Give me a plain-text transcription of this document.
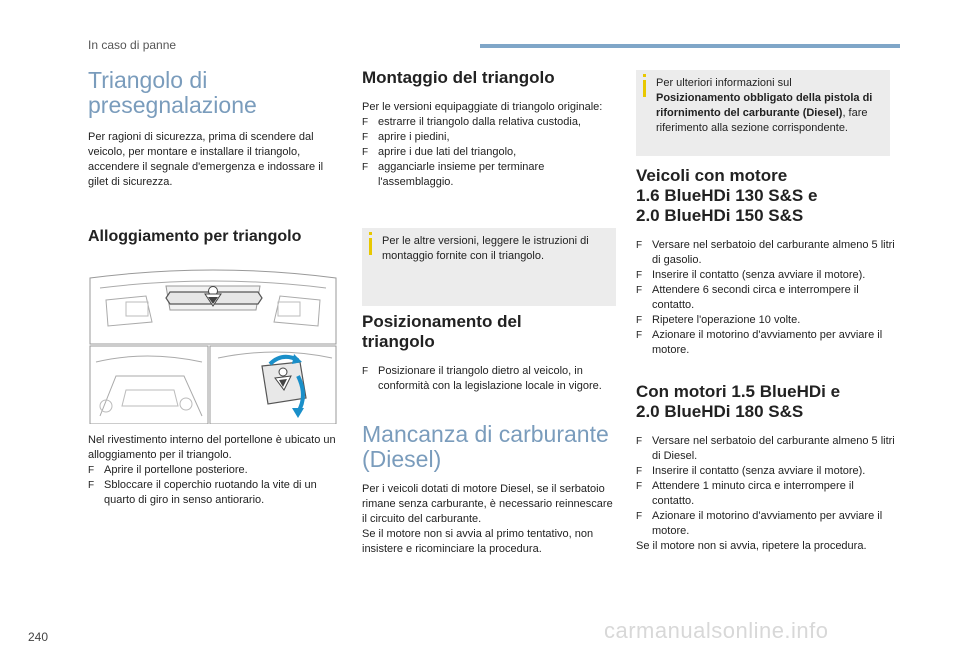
In caso di panne
Triangolo di
presegnalazione

Per ragioni di sicurezza, prima di scendere dal veicolo, per montare e installare il triangolo, accendere il segnale d'emergenza e indossare il gilet di sicurezza.

Alloggiamento per triangolo

Nel rivestimento interno del portellone è ubicato un alloggiamento per il triangolo.

F Aprire il portellone posteriore.
F Sbloccare il coperchio ruotando la vite di un quarto di giro in senso antiorario.
Montaggio del triangolo

Per le versioni equipaggiate di triangolo originale:

F estrarre il triangolo dalla relativa custodia,
F aprire i piedini,
F aprire i due lati del triangolo,
F agganciarle insieme per terminare l'assemblaggio.
Per le altre versioni, leggere le istruzioni di montaggio fornite con il triangolo.
Posizionamento del
triangolo
F Posizionare il triangolo dietro al veicolo, in conformità con la legislazione locale in vigore.
Mancanza di carburante
(Diesel)

Per i veicoli dotati di motore Diesel, se il serbatoio rimane senza carburante, è necessario reinnescare il circuito del carburante.

Se il motore non si avvia al primo tentativo, non insistere e ricominciare la procedura.

Per ulteriori informazioni sul
Posizionamento obbligato della pistola di rifornimento del carburante (Diesel), fare riferimento alla sezione corrispondente.
Veicoli con motore
1.6 BlueHDi 130 S&S e
2.0 BlueHDi 150 S&S
F Versare nel serbatoio del carburante almeno 5 litri di gasolio.
F Inserire il contatto (senza avviare il motore).
F Attendere 6 secondi circa e interrompere il contatto.
F Ripetere l'operazione 10 volte.
F Azionare il motorino d'avviamento per avviare il motore.
Con motori 1.5 BlueHDi e
2.0 BlueHDi 180 S&S
F Versare nel serbatoio del carburante almeno 5 litri di Diesel.
F Inserire il contatto (senza avviare il motore).
F Attendere 1 minuto circa e interrompere il contatto.
F Azionare il motorino d'avviamento per avviare il motore.

Se il motore non si avvia, ripetere la procedura.

240	carmanualsonline.info
